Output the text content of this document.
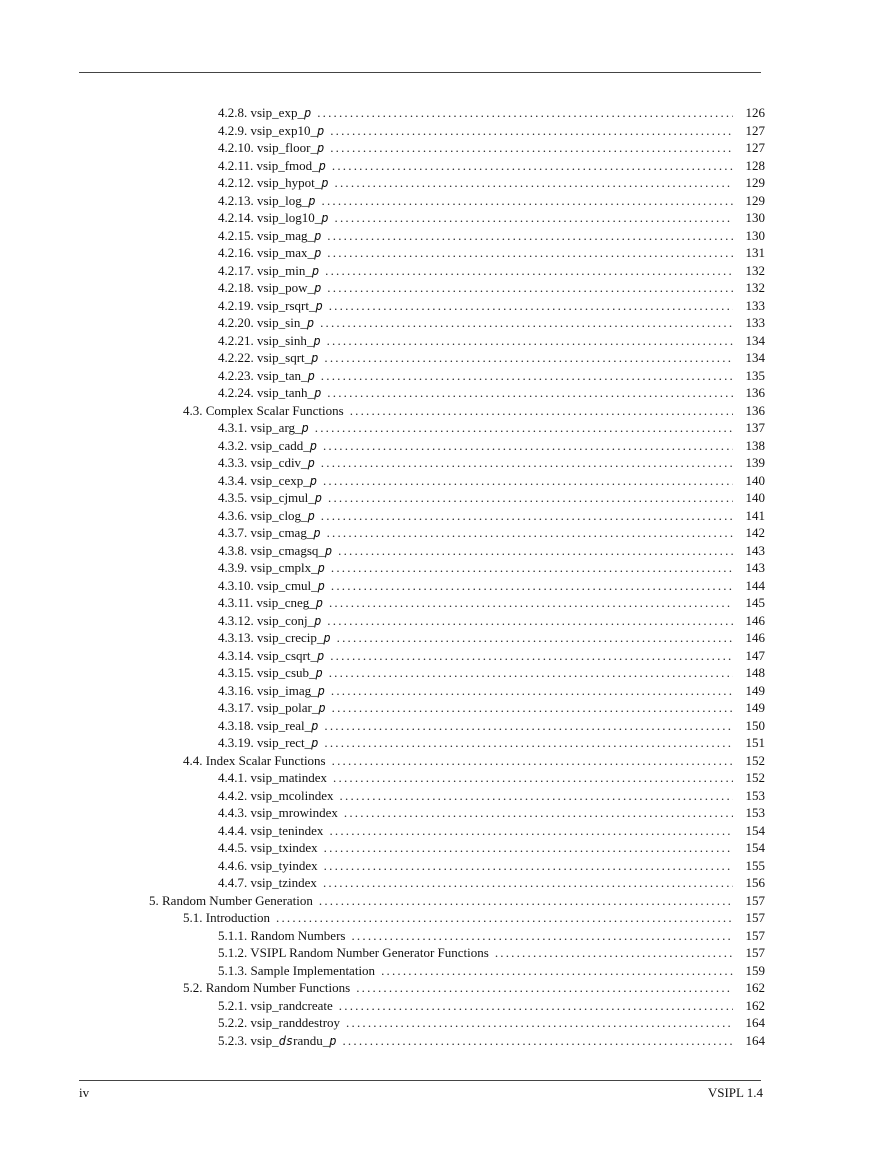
4.2.8. vsip_exp_p .....	126
4.2.9. vsip_exp10_p .....	127
4.2.10. vsip_floor_p .....	127
4.2.11. vsip_fmod_p .....	128
4.2.12. vsip_hypot_p .....	129
4.2.13. vsip_log_p .....	129
4.2.14. vsip_log10_p .....	130
4.2.15. vsip_mag_p .....	130
4.2.16. vsip_max_p .....	131
4.2.17. vsip_min_p .....	132
4.2.18. vsip_pow_p .....	132
4.2.19. vsip_rsqrt_p .....	133
4.2.20. vsip_sin_p .....	133
4.2.21. vsip_sinh_p .....	134
4.2.22. vsip_sqrt_p .....	134
4.2.23. vsip_tan_p .....	135
4.2.24. vsip_tanh_p .....	136
4.3. Complex Scalar Functions .....	136
4.3.1. vsip_arg_p .....	137
4.3.2. vsip_cadd_p .....	138
4.3.3. vsip_cdiv_p .....	139
4.3.4. vsip_cexp_p .....	140
4.3.5. vsip_cjmul_p .....	140
4.3.6. vsip_clog_p .....	141
4.3.7. vsip_cmag_p .....	142
4.3.8. vsip_cmagsq_p .....	143
4.3.9. vsip_cmplx_p .....	143
4.3.10. vsip_cmul_p .....	144
4.3.11. vsip_cneg_p .....	145
4.3.12. vsip_conj_p .....	146
4.3.13. vsip_crecip_p .....	146
4.3.14. vsip_csqrt_p .....	147
4.3.15. vsip_csub_p .....	148
4.3.16. vsip_imag_p .....	149
4.3.17. vsip_polar_p .....	149
4.3.18. vsip_real_p .....	150
4.3.19. vsip_rect_p .....	151
4.4. Index Scalar Functions .....	152
4.4.1. vsip_matindex .....	152
4.4.2. vsip_mcolindex .....	153
4.4.3. vsip_mrowindex .....	153
4.4.4. vsip_tenindex .....	154
4.4.5. vsip_txindex .....	154
4.4.6. vsip_tyindex .....	155
4.4.7. vsip_tzindex .....	156
5. Random Number Generation .....	157
5.1. Introduction .....	157
5.1.1. Random Numbers .....	157
5.1.2. VSIPL Random Number Generator Functions .....	157
5.1.3. Sample Implementation .....	159
5.2. Random Number Functions .....	162
5.2.1. vsip_randcreate .....	162
5.2.2. vsip_randdestroy .....	164
5.2.3. vsip_dsrandu_p .....	164
iv	VSIPL 1.4
